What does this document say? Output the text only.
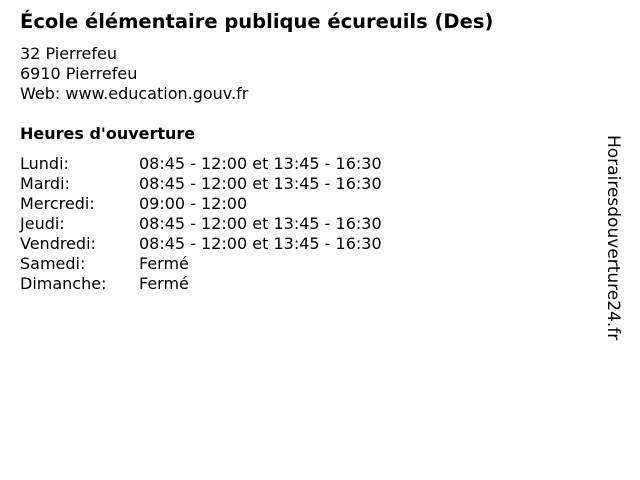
École élémentaire publique écureuils (Des)
32 Pierrefeu
6910 Pierrefeu
Web: www.education.gouv.fr
Heures d'ouverture
Lundi:	08:45 - 12:00 et 13:45 - 16:30
Mardi:	08:45 - 12:00 et 13:45 - 16:30
Mercredi:	09:00 - 12:00
Jeudi:	08:45 - 12:00 et 13:45 - 16:30
Vendredi:	08:45 - 12:00 et 13:45 - 16:30
Samedi:	Fermé
Dimanche:	Fermé	Horairesdouverture24.fr
